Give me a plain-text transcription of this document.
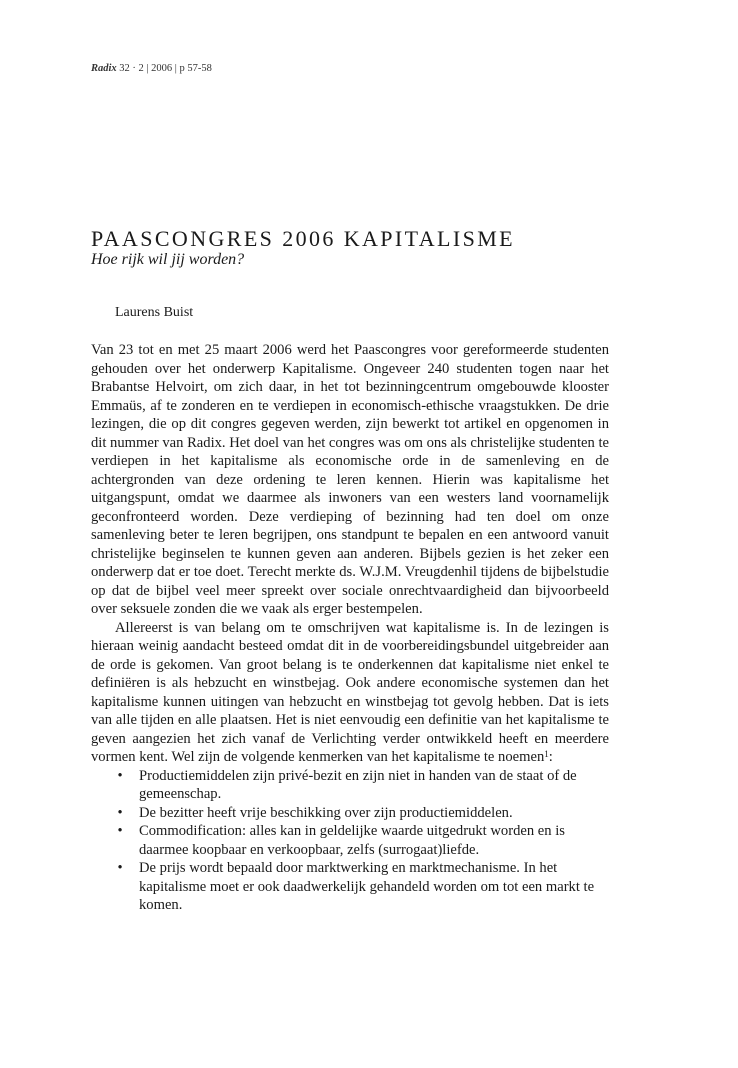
Radix 32 · 2 | 2006 | p 57-58
PAASCONGRES 2006 KAPITALISME
Hoe rijk wil jij worden?
Laurens Buist

Van 23 tot en met 25 maart 2006 werd het Paascongres voor gereformeerde studenten gehouden over het onderwerp Kapitalisme. Ongeveer 240 studenten togen naar het Brabantse Helvoirt, om zich daar, in het tot bezinningcentrum omgebouwde klooster Emmaüs, af te zonderen en te verdiepen in economisch-ethische vraagstukken. De drie lezingen, die op dit congres gegeven werden, zijn bewerkt tot artikel en opgenomen in dit nummer van Radix. Het doel van het congres was om ons als christelijke studenten te verdiepen in het kapitalisme als economische orde in de samenleving en de achtergronden van deze ordening te leren kennen. Hierin was kapitalisme het uitgangspunt, omdat we daarmee als inwoners van een westers land voornamelijk geconfronteerd worden. Deze verdieping of bezinning had ten doel om onze samenleving beter te leren begrijpen, ons standpunt te bepalen en een antwoord vanuit christelijke beginselen te kunnen geven aan anderen. Bijbels gezien is het zeker een onderwerp dat er toe doet. Terecht merkte ds. W.J.M. Vreugdenhil tijdens de bijbelstudie op dat de bijbel veel meer spreekt over sociale onrechtvaardigheid dan bijvoorbeeld over seksuele zonden die we vaak als erger bestempelen.

Allereerst is van belang om te omschrijven wat kapitalisme is. In de lezingen is hieraan weinig aandacht besteed omdat dit in de voorbereidingsbundel uitgebreider aan de orde is gekomen. Van groot belang is te onderkennen dat kapitalisme niet enkel te definiëren is als hebzucht en winstbejag. Ook andere economische systemen dan het kapitalisme kunnen uitingen van hebzucht en winstbejag tot gevolg hebben. Dat is iets van alle tijden en alle plaatsen. Het is niet eenvoudig een definitie van het kapitalisme te geven aangezien het zich vanaf de Verlichting verder ontwikkeld heeft en meerdere vormen kent. Wel zijn de volgende kenmerken van het kapitalisme te noemen$^1$:

• Productiemiddelen zijn privé-bezit en zijn niet in handen van de staat of de gemeenschap.
• De bezitter heeft vrije beschikking over zijn productiemiddelen.
• Commodification: alles kan in geldelijke waarde uitgedrukt worden en is daarmee koopbaar en verkoopbaar, zelfs (surrogaat)liefde.
• De prijs wordt bepaald door marktwerking en marktmechanisme. In het kapitalisme moet er ook daadwerkelijk gehandeld worden om tot een markt te komen.
